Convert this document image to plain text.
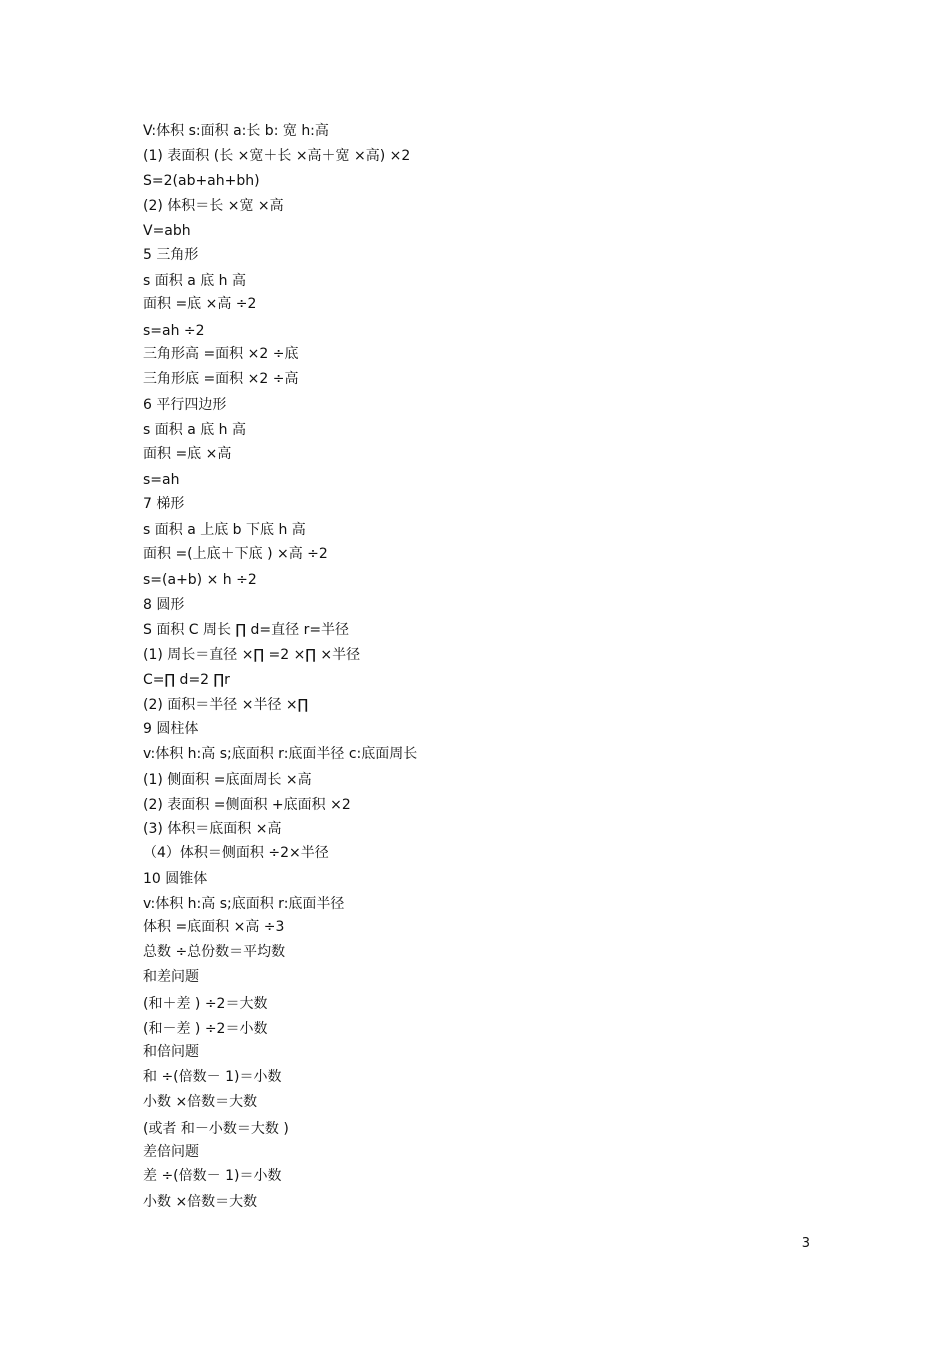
V:体积 s:面积 a:长 b: 宽 h:高
(1) 表面积 (长 ×宽＋长 ×高＋宽 ×高) ×2
S=2(ab+ah+bh)
(2) 体积＝长 ×宽 ×高
V=abh
5 三角形
s 面积 a 底 h 高
面积 =底 ×高 ÷2
s=ah ÷2
三角形高 =面积 ×2 ÷底
三角形底 =面积 ×2 ÷高
6 平行四边形
s 面积 a 底 h 高
面积 =底 ×高
s=ah
7 梯形
s 面积 a 上底 b 下底 h 高
面积 =(上底＋下底 ) ×高 ÷2
s=(a+b) × h ÷2
8 圆形
S 面积 C 周长 ∏ d=直径 r=半径
(1) 周长＝直径 ×∏ =2 ×∏ ×半径
C=∏ d=2 ∏r
(2) 面积＝半径 ×半径 ×∏
9 圆柱体
v:体积 h:高 s;底面积 r:底面半径 c:底面周长
(1) 侧面积 =底面周长 ×高
(2) 表面积 =侧面积 +底面积 ×2
(3) 体积＝底面积 ×高
（4）体积＝侧面积 ÷2×半径
10 圆锥体
v:体积 h:高 s;底面积 r:底面半径
体积 =底面积 ×高 ÷3
总数 ÷总份数＝平均数
和差问题
(和＋差 ) ÷2＝大数
(和－差 ) ÷2＝小数
和倍问题
和 ÷(倍数－ 1)＝小数
小数 ×倍数＝大数
(或者 和－小数＝大数 )
差倍问题
差 ÷(倍数－ 1)＝小数
小数 ×倍数＝大数
3
